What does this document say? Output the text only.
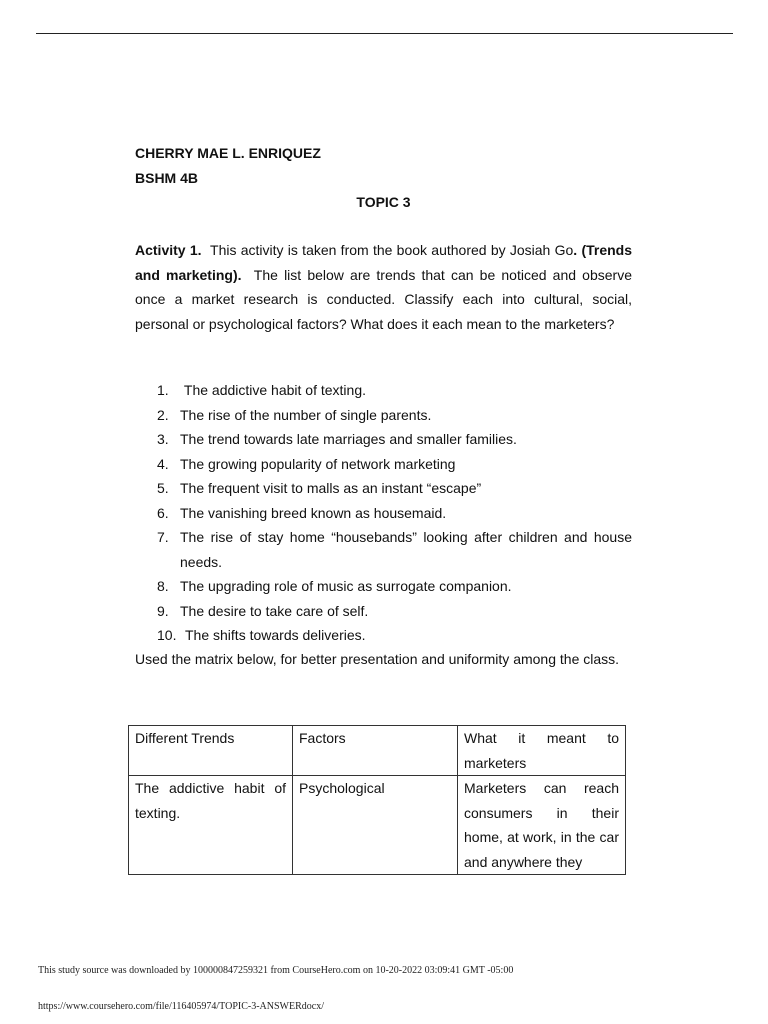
CHERRY MAE L. ENRIQUEZ
BSHM 4B
TOPIC 3
Activity 1. This activity is taken from the book authored by Josiah Go. (Trends and marketing). The list below are trends that can be noticed and observe once a market research is conducted. Classify each into cultural, social, personal or psychological factors? What does it each mean to the marketers?
1. The addictive habit of texting.
2. The rise of the number of single parents.
3. The trend towards late marriages and smaller families.
4. The growing popularity of network marketing
5. The frequent visit to malls as an instant “escape”
6. The vanishing breed known as housemaid.
7. The rise of stay home “housebands” looking after children and house needs.
8. The upgrading role of music as surrogate companion.
9. The desire to take care of self.
10. The shifts towards deliveries.
Used the matrix below, for better presentation and uniformity among the class.
Different Trends	Factors	What it meant to marketers
The addictive habit of texting.	Psychological	Marketers can reach consumers in their home, at work, in the car and anywhere they
This study source was downloaded by 100000847259321 from CourseHero.com on 10-20-2022 03:09:41 GMT -05:00
https://www.coursehero.com/file/116405974/TOPIC-3-ANSWERdocx/
